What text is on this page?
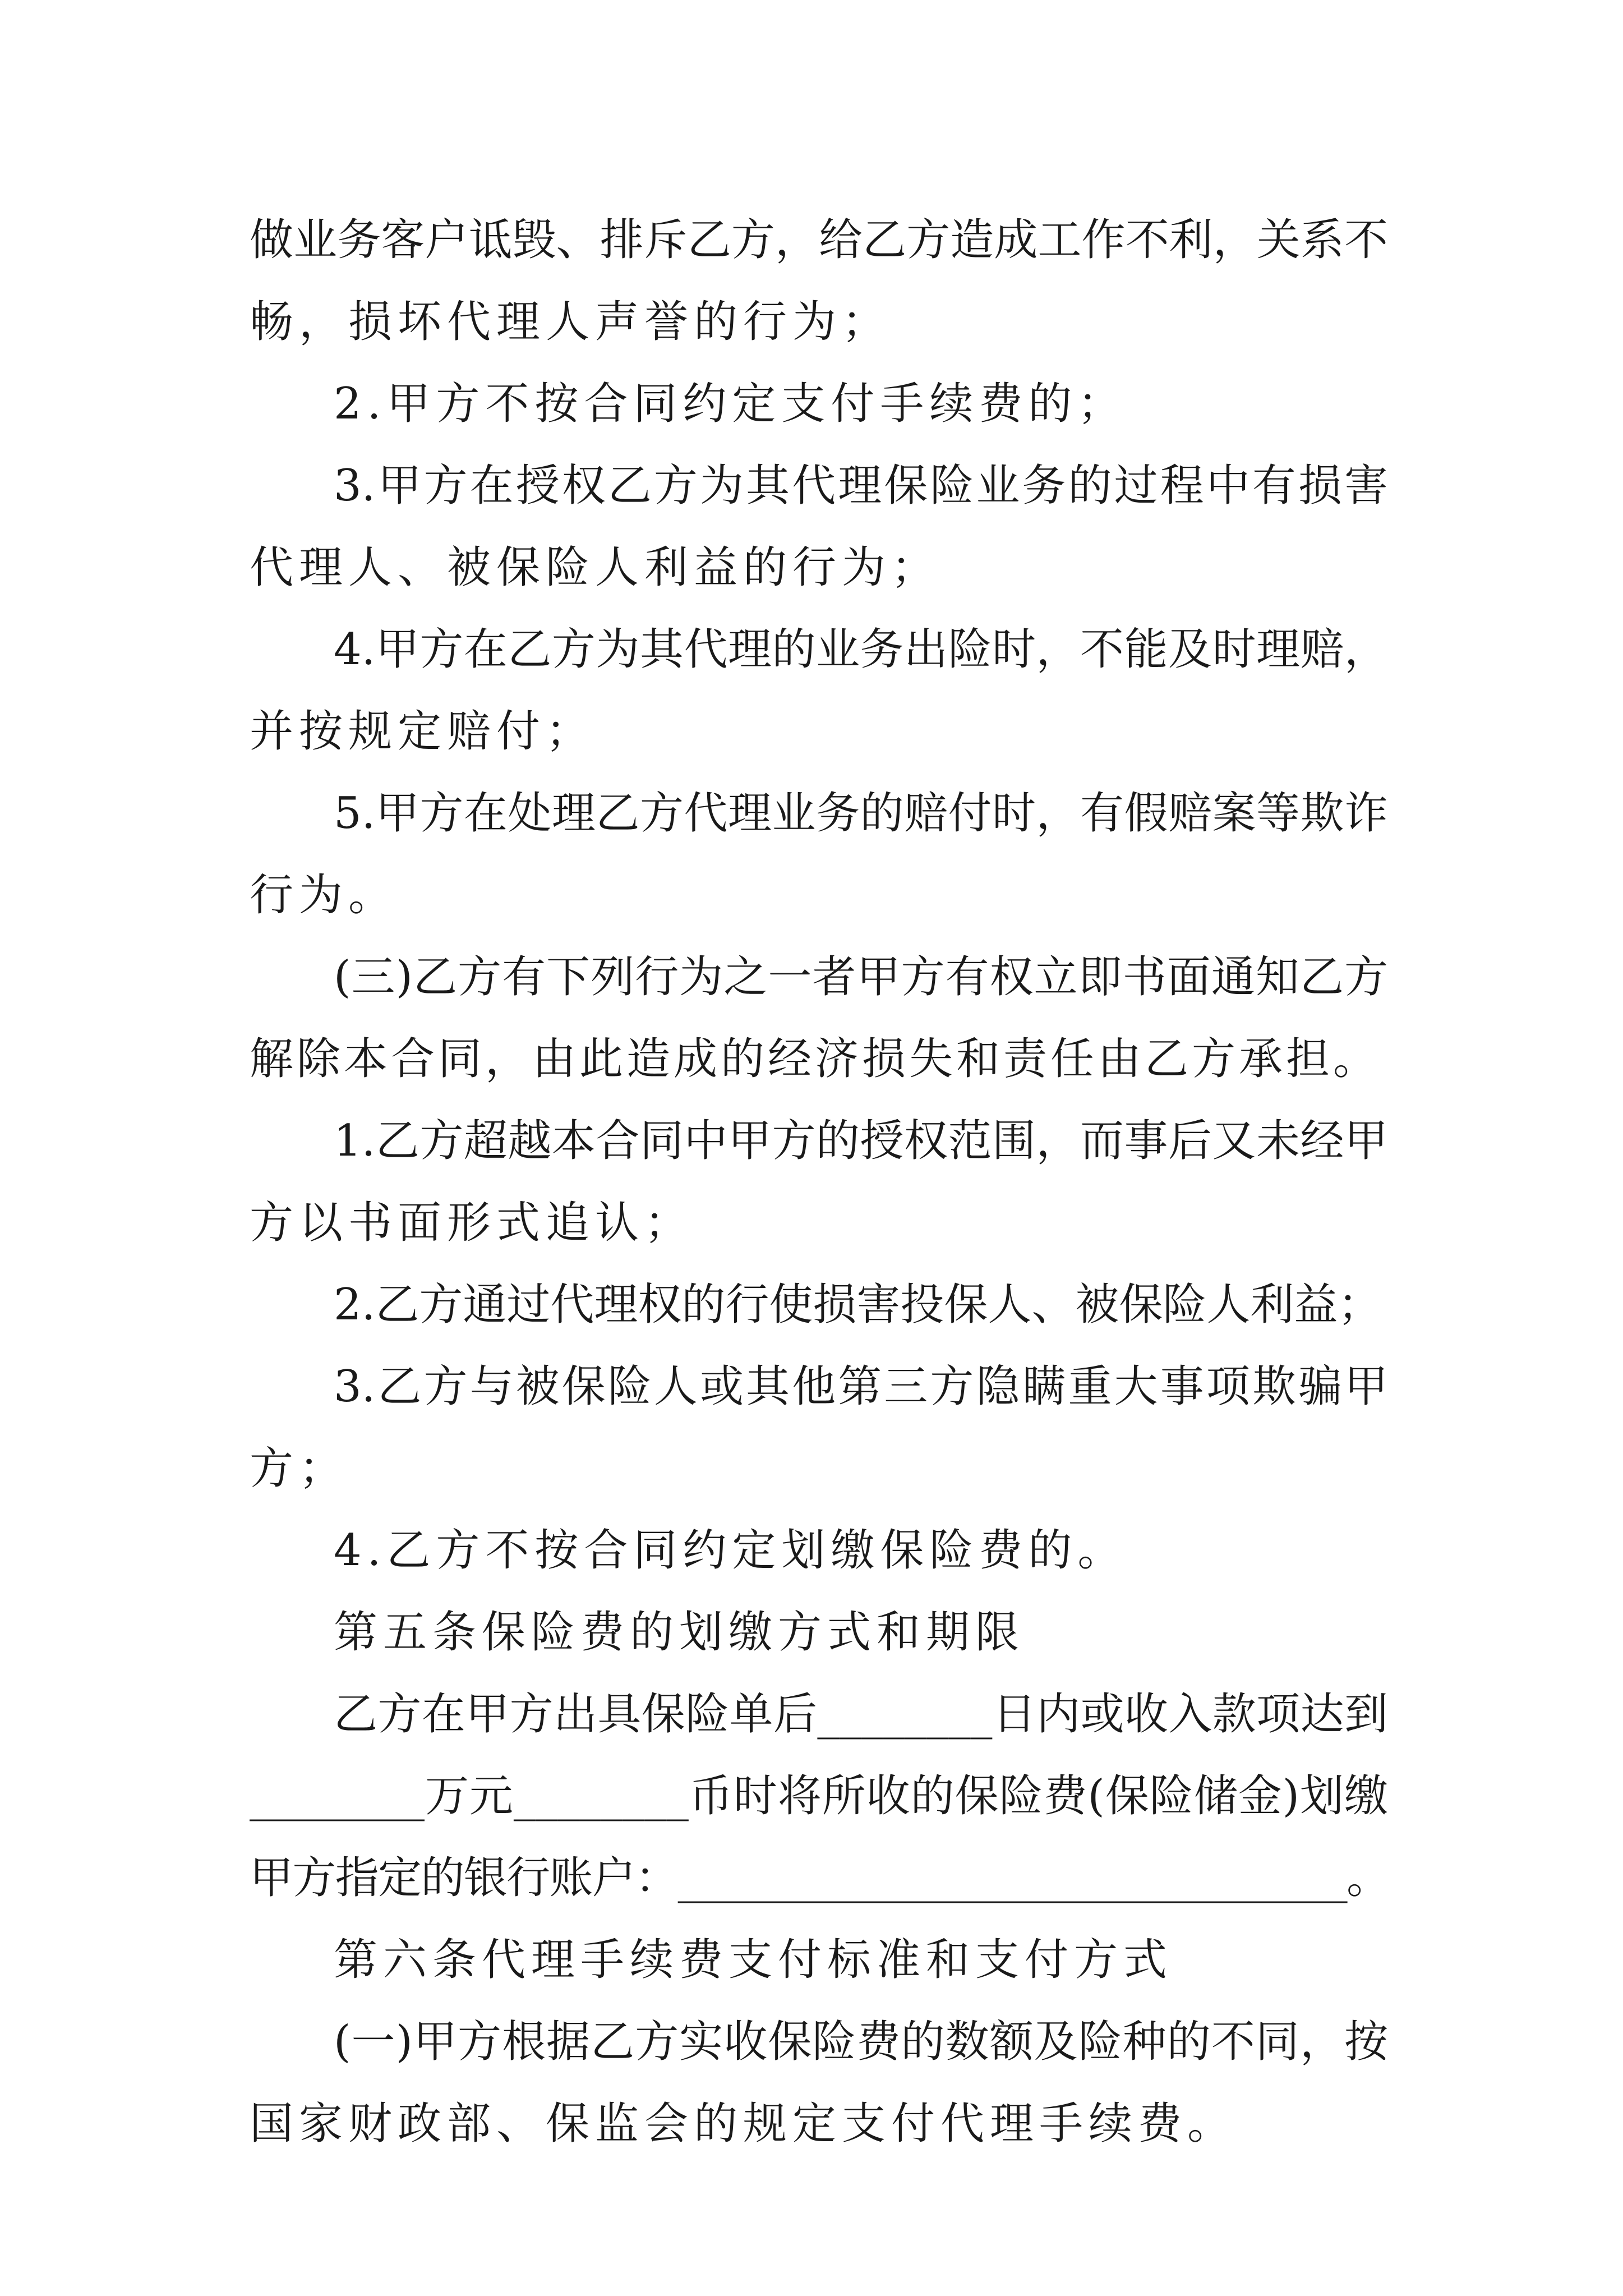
做业务客户诋毁、排斥乙方，给乙方造成工作不利，关系不
畅，损坏代理人声誉的行为；
2.甲方不按合同约定支付手续费的；
3.甲方在授权乙方为其代理保险业务的过程中有损害
代理人、被保险人利益的行为；
4.甲方在乙方为其代理的业务出险时，不能及时理赔，
并按规定赔付；
5.甲方在处理乙方代理业务的赔付时，有假赔案等欺诈
行为。
(三)乙方有下列行为之一者甲方有权立即书面通知乙方
解除本合同，由此造成的经济损失和责任由乙方承担。
1.乙方超越本合同中甲方的授权范围，而事后又未经甲
方以书面形式追认；
2.乙方通过代理权的行使损害投保人、被保险人利益；
3.乙方与被保险人或其他第三方隐瞒重大事项欺骗甲
方；
4.乙方不按合同约定划缴保险费的。
第五条保险费的划缴方式和期限
乙方在甲方出具保险单后________日内或收入款项达到
________万元________币时将所收的保险费(保险储金)划缴
甲方指定的银行账户：__________________________________。
第六条代理手续费支付标准和支付方式
(一)甲方根据乙方实收保险费的数额及险种的不同，按
国家财政部、保监会的规定支付代理手续费。
